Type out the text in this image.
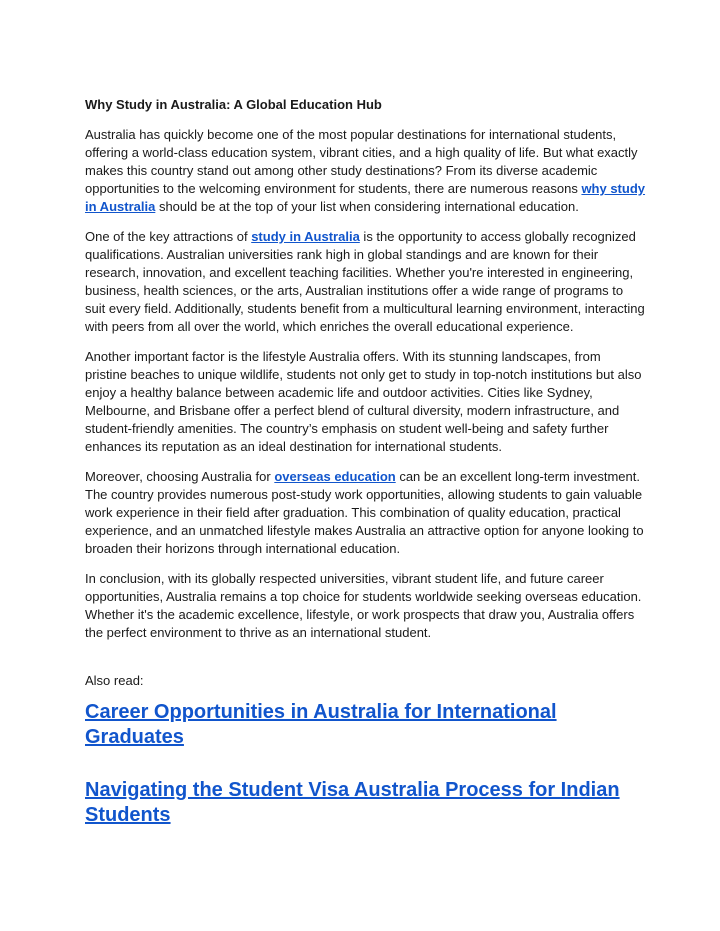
Why Study in Australia: A Global Education Hub

Australia has quickly become one of the most popular destinations for international students, offering a world-class education system, vibrant cities, and a high quality of life. But what exactly makes this country stand out among other study destinations? From its diverse academic opportunities to the welcoming environment for students, there are numerous reasons why study in Australia should be at the top of your list when considering international education.

One of the key attractions of study in Australia is the opportunity to access globally recognized qualifications. Australian universities rank high in global standings and are known for their research, innovation, and excellent teaching facilities. Whether you're interested in engineering, business, health sciences, or the arts, Australian institutions offer a wide range of programs to suit every field. Additionally, students benefit from a multicultural learning environment, interacting with peers from all over the world, which enriches the overall educational experience.

Another important factor is the lifestyle Australia offers. With its stunning landscapes, from pristine beaches to unique wildlife, students not only get to study in top-notch institutions but also enjoy a healthy balance between academic life and outdoor activities. Cities like Sydney, Melbourne, and Brisbane offer a perfect blend of cultural diversity, modern infrastructure, and student-friendly amenities. The country’s emphasis on student well-being and safety further enhances its reputation as an ideal destination for international students.

Moreover, choosing Australia for overseas education can be an excellent long-term investment. The country provides numerous post-study work opportunities, allowing students to gain valuable work experience in their field after graduation. This combination of quality education, practical experience, and an unmatched lifestyle makes Australia an attractive option for anyone looking to broaden their horizons through international education.

In conclusion, with its globally respected universities, vibrant student life, and future career opportunities, Australia remains a top choice for students worldwide seeking overseas education. Whether it's the academic excellence, lifestyle, or work prospects that draw you, Australia offers the perfect environment to thrive as an international student.

Also read:

Career Opportunities in Australia for International Graduates
Navigating the Student Visa Australia Process for Indian Students
